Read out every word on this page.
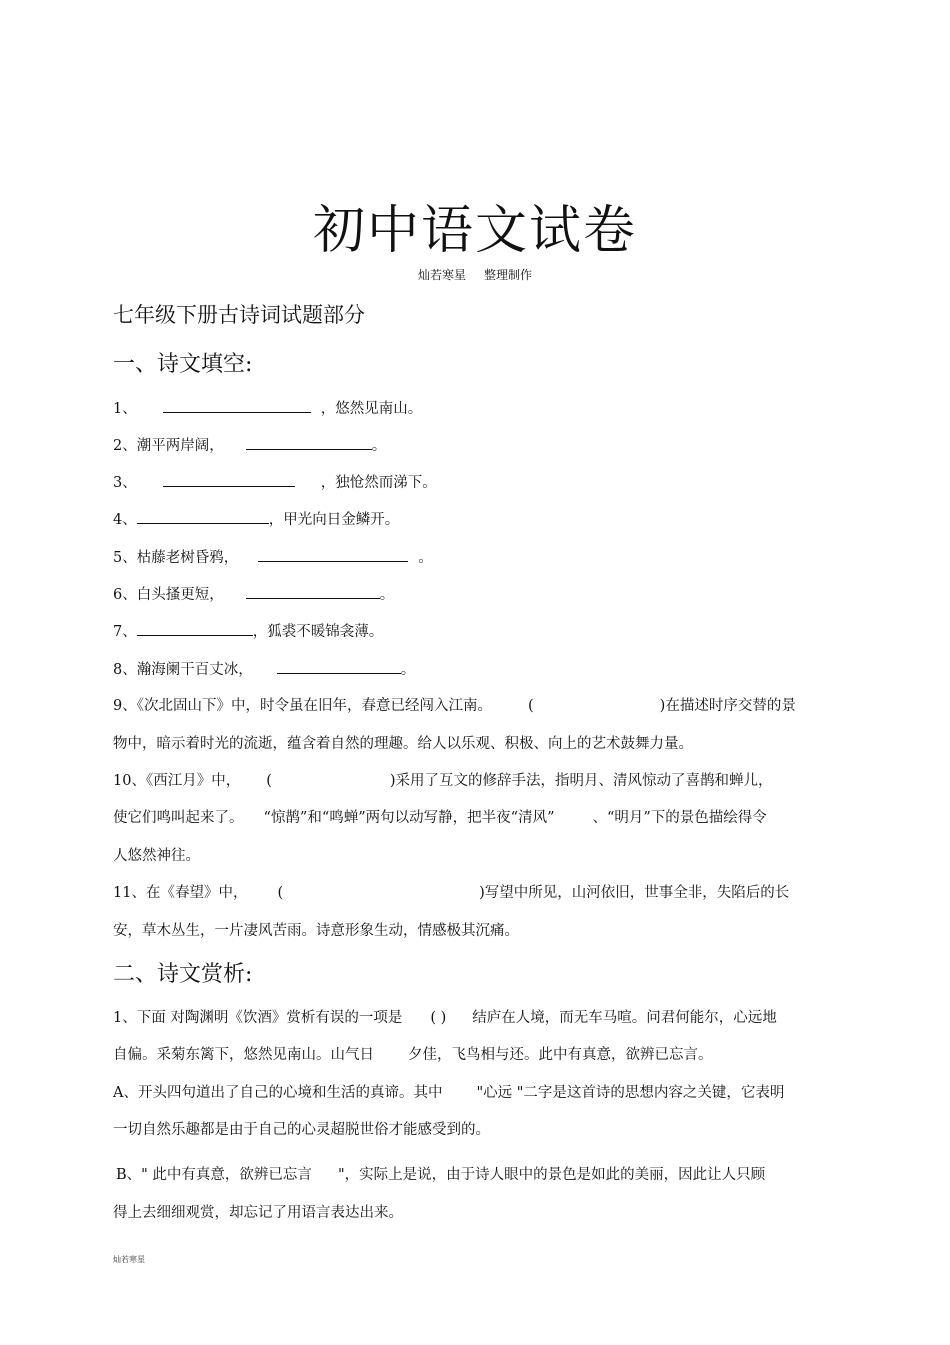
初中语文试卷
灿若寒星 整理制作
七年级下册古诗词试题部分
一、诗文填空:
1、	，悠然见南山。
2、潮平两岸阔，	。
3、	，独怆然而涕下。
4、	，甲光向日金鳞开。
5、枯藤老树昏鸦，	。
6、白头搔更短，	。
7、	，狐裘不暖锦衾薄。
8、瀚海阑干百丈冰，	。
9、《次北固山下》中，时令虽在旧年，春意已经闯入江南。 (	)在描述时序交替的景
物中，暗示着时光的流逝，蕴含着自然的理趣。给人以乐观、积极、向上的艺术鼓舞力量。
10、《西江月》中， (	)采用了互文的修辞手法，指明月、清风惊动了喜鹊和蝉儿，
使它们鸣叫起来了。 “惊鹊”和“鸣蝉”两句以动写静，把半夜“清风”	、“明月”下的景色描绘得令
人悠然神往。
11、在《春望》中， (	)写望中所见，山河依旧，世事全非，失陷后的长
安，草木丛生，一片凄风苦雨。诗意形象生动，情感极其沉痛。
二、诗文赏析:
1、下面 对陶渊明《饮酒》赏析有误的一项是 ( ) 结庐在人境，而无车马喧。问君何能尔，心远地
自偏。采菊东篱下，悠然见南山。山气日 夕佳，飞鸟相与还。此中有真意，欲辨已忘言。
A、开头四句道出了自己的心境和生活的真谛。其中 "心远 "二字是这首诗的思想内容之关键，它表明
一切自然乐趣都是由于自己的心灵超脱世俗才能感受到的。
B、" 此中有真意，欲辨已忘言 "，实际上是说，由于诗人眼中的景色是如此的美丽，因此让人只顾
得上去细细观赏，却忘记了用语言表达出来。
灿若寒星
